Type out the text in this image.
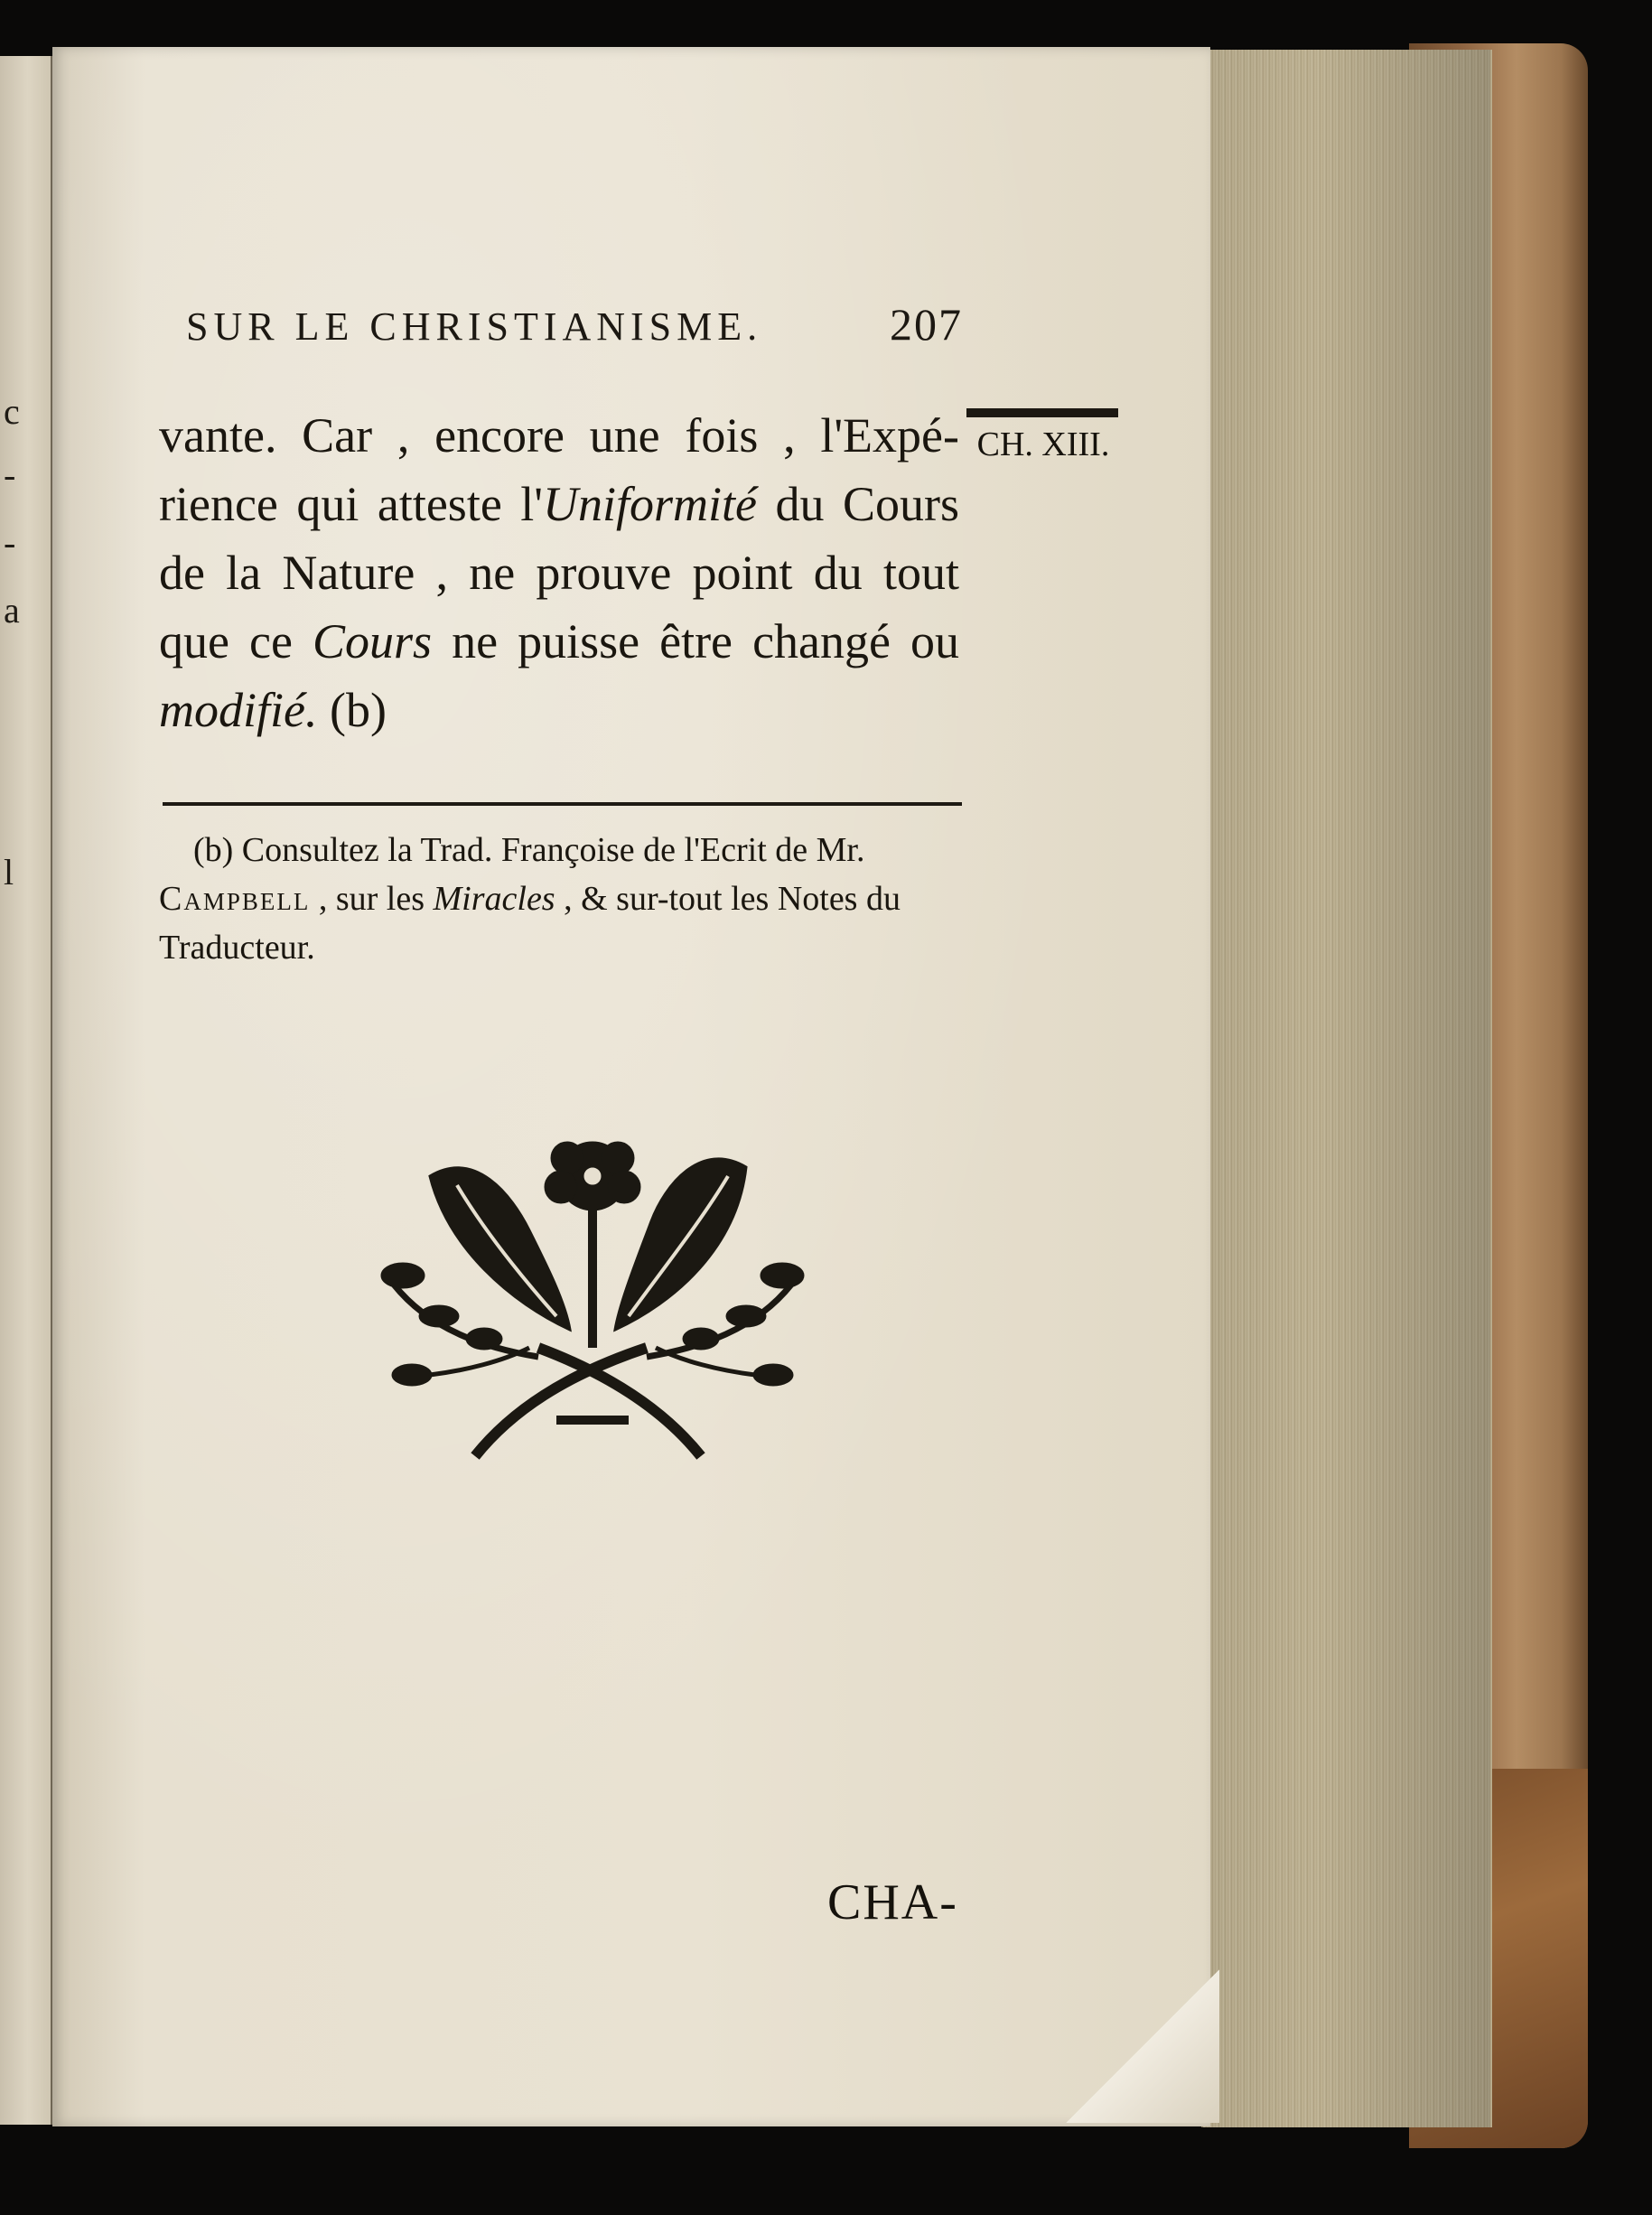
c
-
-
a
l
SUR LE CHRISTIANISME.	207
vante. Car , encore une fois , l'Expé-
rience qui atteste l'Uniformité du Cours
de la Nature , ne prouve point du tout
que ce Cours ne puisse être changé ou
modifié. (b)
CH. XIII.
(b) Consultez la Trad. Françoise de l'Ecrit de Mr.
Campbell , sur les Miracles , & sur-tout les Notes du
Traducteur.
CHA-
